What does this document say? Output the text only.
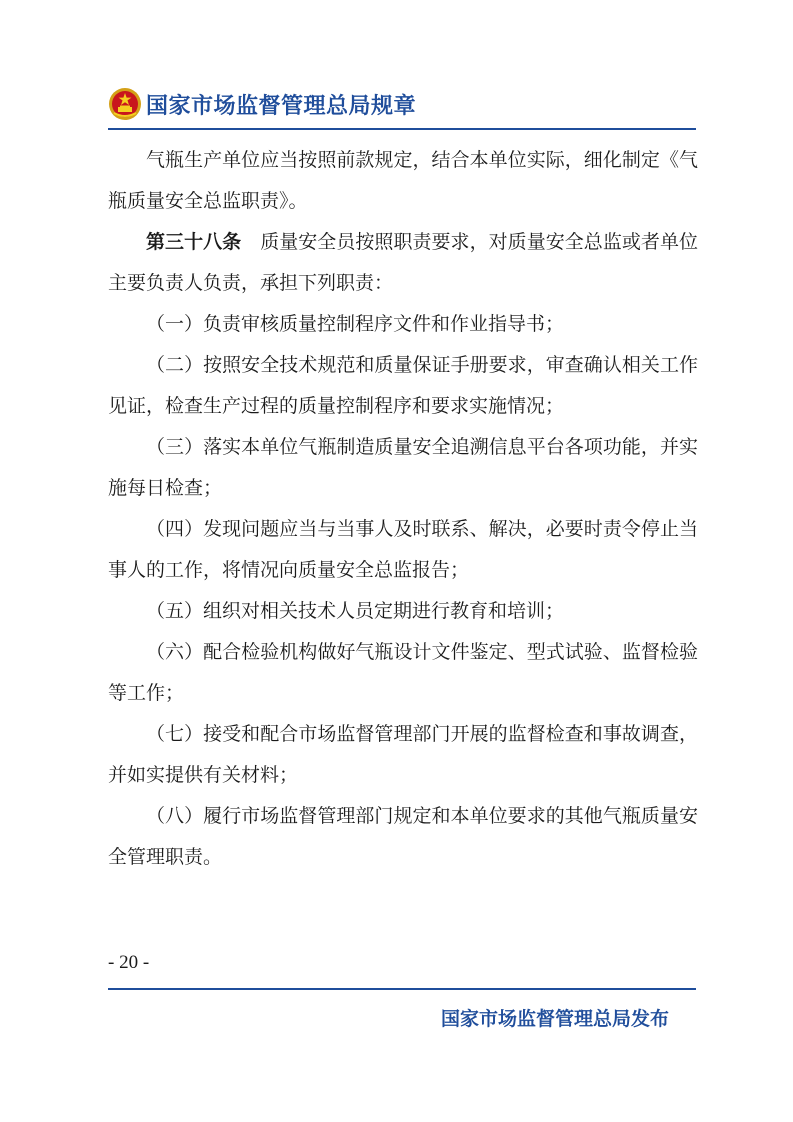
国家市场监督管理总局规章

气瓶生产单位应当按照前款规定，结合本单位实际，细化制定《气瓶质量安全总监职责》。

第三十八条 质量安全员按照职责要求，对质量安全总监或者单位主要负责人负责，承担下列职责：

（一）负责审核质量控制程序文件和作业指导书；

（二）按照安全技术规范和质量保证手册要求，审查确认相关工作见证，检查生产过程的质量控制程序和要求实施情况；

（三）落实本单位气瓶制造质量安全追溯信息平台各项功能，并实施每日检查；

（四）发现问题应当与当事人及时联系、解决，必要时责令停止当事人的工作，将情况向质量安全总监报告；

（五）组织对相关技术人员定期进行教育和培训；

（六）配合检验机构做好气瓶设计文件鉴定、型式试验、监督检验等工作；

（七）接受和配合市场监督管理部门开展的监督检查和事故调查，并如实提供有关材料；

（八）履行市场监督管理部门规定和本单位要求的其他气瓶质量安全管理职责。

- 20 -
国家市场监督管理总局发布
